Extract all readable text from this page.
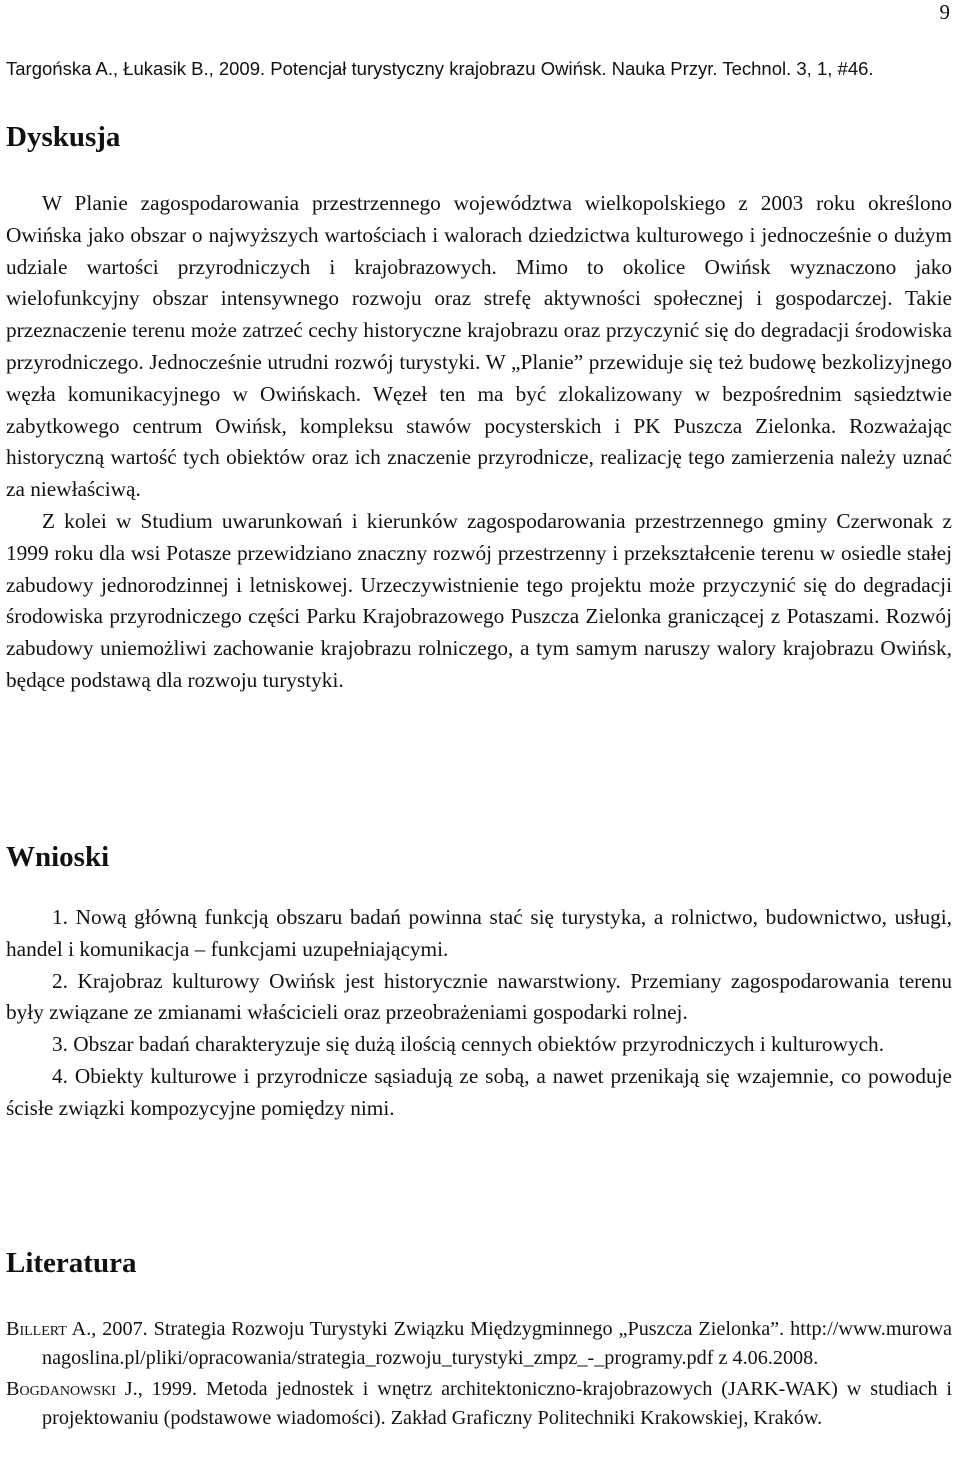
9
Targońska A., Łukasik B., 2009. Potencjał turystyczny krajobrazu Owińsk. Nauka Przyr. Technol. 3, 1, #46.
Dyskusja

W Planie zagospodarowania przestrzennego województwa wielkopolskiego z 2003 roku określono Owińska jako obszar o najwyższych wartościach i walorach dziedzictwa kulturowego i jednocześnie o dużym udziale wartości przyrodniczych i krajobrazowych. Mimo to okolice Owińsk wyznaczono jako wielofunkcyjny obszar intensywnego rozwoju oraz strefę aktywności społecznej i gospodarczej. Takie przeznaczenie terenu może zatrzeć cechy historyczne krajobrazu oraz przyczynić się do degradacji środowiska przyrodniczego. Jednocześnie utrudni rozwój turystyki. W „Planie” przewiduje się też budowę bezkolizyjnego węzła komunikacyjnego w Owińskach. Węzeł ten ma być zlokalizowany w bezpośrednim sąsiedztwie zabytkowego centrum Owińsk, kompleksu stawów pocysterskich i PK Puszcza Zielonka. Rozważając historyczną wartość tych obiektów oraz ich znaczenie przyrodnicze, realizację tego zamierzenia należy uznać za niewłaściwą.

Z kolei w Studium uwarunkowań i kierunków zagospodarowania przestrzennego gminy Czerwonak z 1999 roku dla wsi Potasze przewidziano znaczny rozwój przestrzenny i przekształcenie terenu w osiedle stałej zabudowy jednorodzinnej i letniskowej. Urzeczywistnienie tego projektu może przyczynić się do degradacji środowiska przyrodniczego części Parku Krajobrazowego Puszcza Zielonka graniczącej z Potaszami. Rozwój zabudowy uniemożliwi zachowanie krajobrazu rolniczego, a tym samym naruszy walory krajobrazu Owińsk, będące podstawą dla rozwoju turystyki.

Wnioski

1. Nową główną funkcją obszaru badań powinna stać się turystyka, a rolnictwo, budownictwo, usługi, handel i komunikacja – funkcjami uzupełniającymi.

2. Krajobraz kulturowy Owińsk jest historycznie nawarstwiony. Przemiany zagospodarowania terenu były związane ze zmianami właścicieli oraz przeobrażeniami gospodarki rolnej.

3. Obszar badań charakteryzuje się dużą ilością cennych obiektów przyrodniczych i kulturowych.

4. Obiekty kulturowe i przyrodnicze sąsiadują ze sobą, a nawet przenikają się wzajemnie, co powoduje ścisłe związki kompozycyjne pomiędzy nimi.

Literatura

Billert A., 2007. Strategia Rozwoju Turystyki Związku Międzygminnego „Puszcza Zielonka”. http://www.murowanagoslina.pl/pliki/opracowania/strategia_rozwoju_turystyki_zmpz_-_programy.pdf z 4.06.2008.

Bogdanowski J., 1999. Metoda jednostek i wnętrz architektoniczno-krajobrazowych (JARK-WAK) w studiach i projektowaniu (podstawowe wiadomości). Zakład Graficzny Politechniki Krakowskiej, Kraków.
